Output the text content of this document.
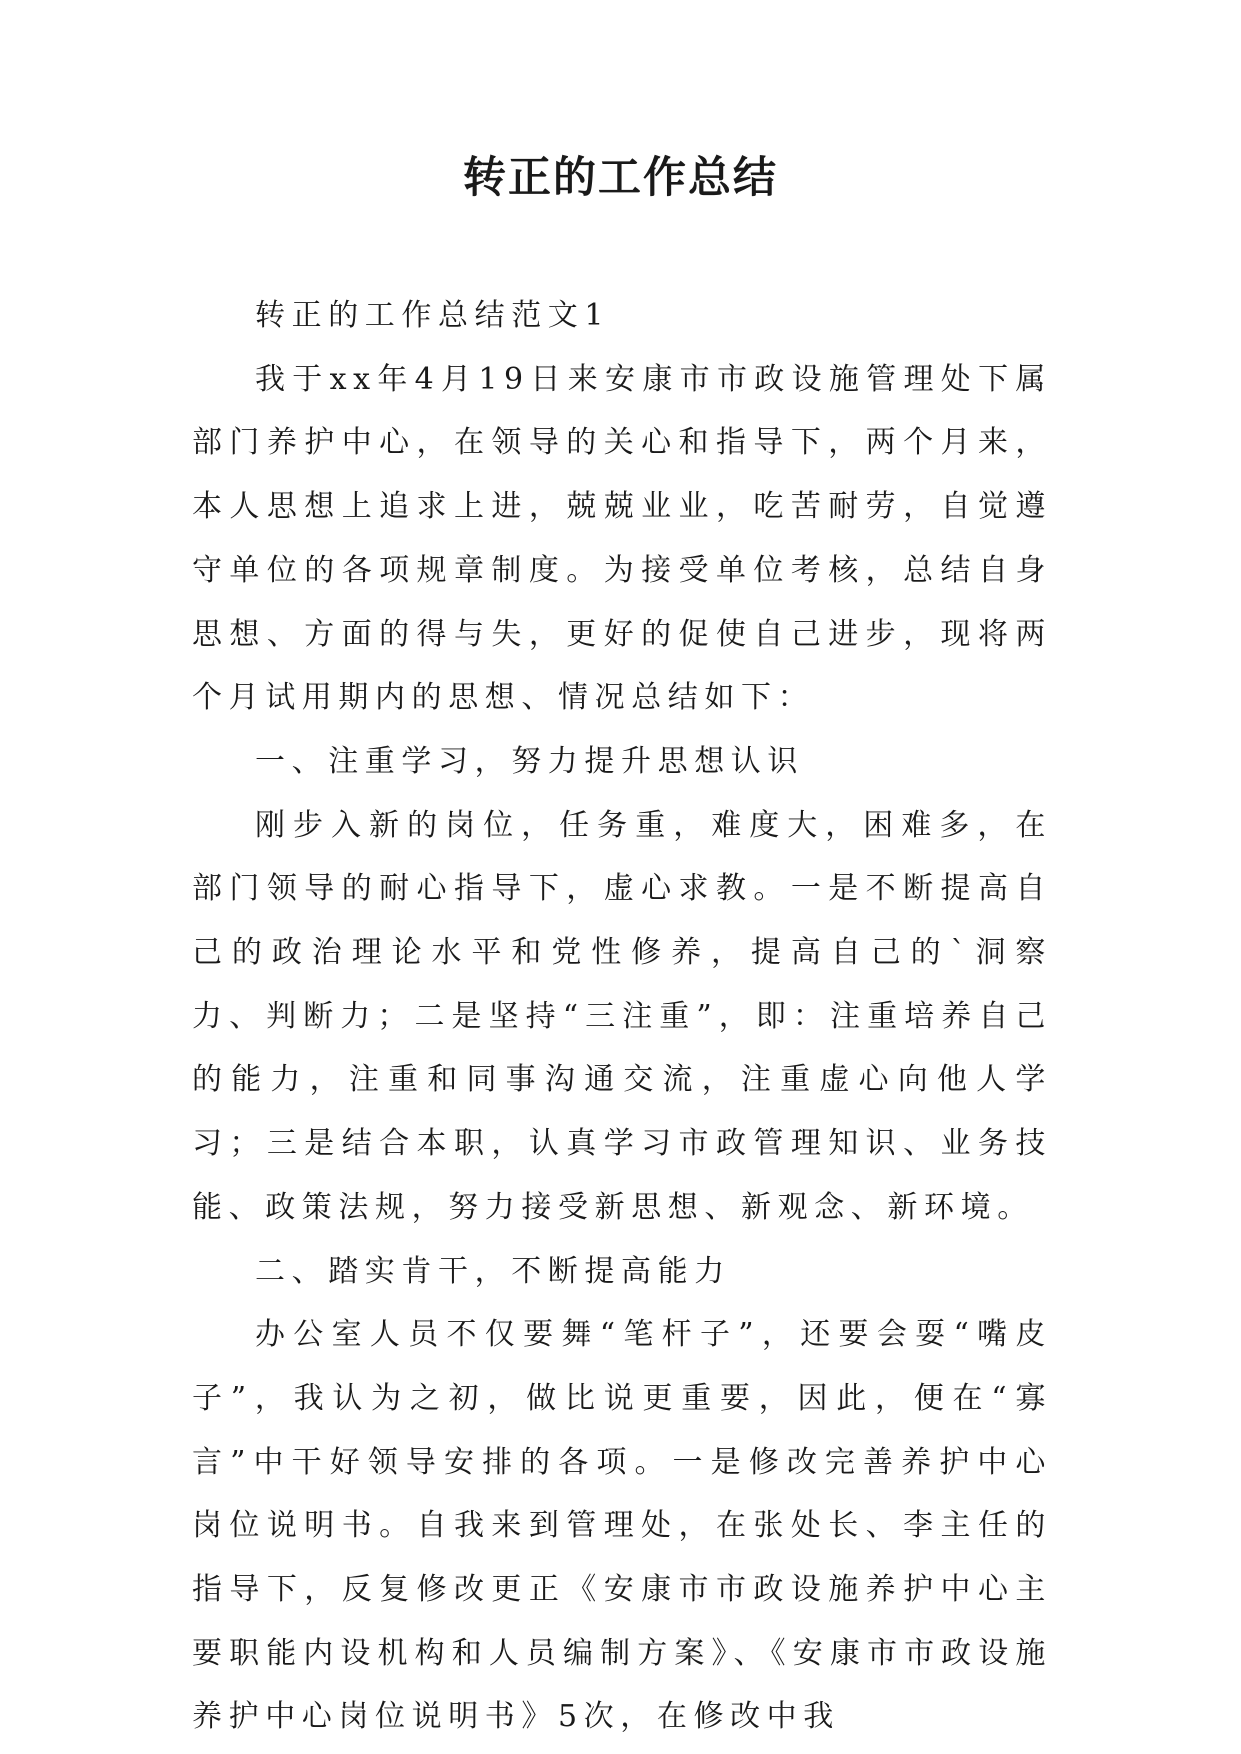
转正的工作总结

转正的工作总结范文1

我于xx年4月19日来安康市市政设施管理处下属部门养护中心，在领导的关心和指导下，两个月来，本人思想上追求上进，兢兢业业，吃苦耐劳，自觉遵守单位的各项规章制度。为接受单位考核，总结自身思想、方面的得与失，更好的促使自己进步，现将两个月试用期内的思想、情况总结如下：

一、注重学习，努力提升思想认识

刚步入新的岗位，任务重，难度大，困难多，在部门领导的耐心指导下，虚心求教。一是不断提高自己的政治理论水平和党性修养，提高自己的`洞察力、判断力；二是坚持“三注重”，即：注重培养自己的能力，注重和同事沟通交流，注重虚心向他人学习；三是结合本职，认真学习市政管理知识、业务技能、政策法规，努力接受新思想、新观念、新环境。

二、踏实肯干，不断提高能力

办公室人员不仅要舞“笔杆子”，还要会耍“嘴皮子”，我认为之初，做比说更重要，因此，便在“寡言”中干好领导安排的各项。一是修改完善养护中心岗位说明书。自我来到管理处，在张处长、李主任的指导下，反复修改更正《安康市市政设施养护中心主要职能内设机构和人员编制方案》、《安康市市政设施养护中心岗位说明书》5次，在修改中我
